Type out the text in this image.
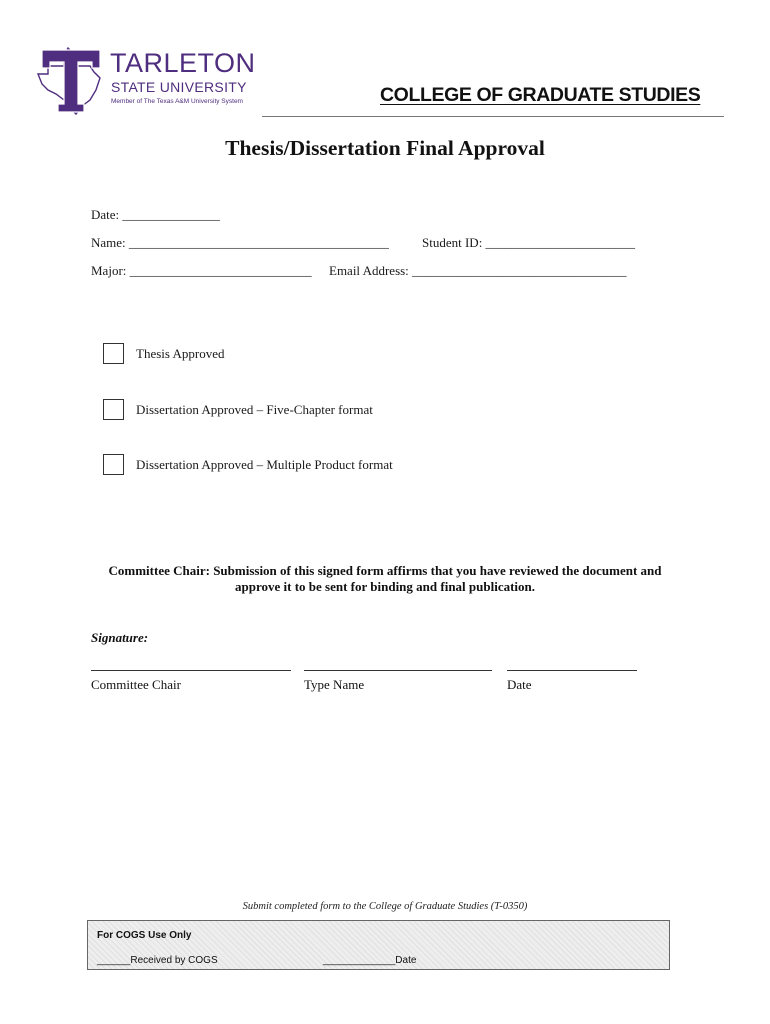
TARLETON
STATE UNIVERSITY
Member of The Texas A&M University System	COLLEGE OF GRADUATE STUDIES
Thesis/Dissertation Final Approval
Date: _______________
Name: ________________________________________	Student ID: _______________________
Major: ____________________________ Email Address: _________________________________
Thesis Approved
Dissertation Approved – Five-Chapter format
Dissertation Approved – Multiple Product format
Committee Chair: Submission of this signed form affirms that you have reviewed the document and approve it to be sent for binding and final publication.
Signature:
Committee Chair	Type Name	Date
Submit completed form to the College of Graduate Studies (T-0350)
For COGS Use Only
______Received by COGS	_____________Date
